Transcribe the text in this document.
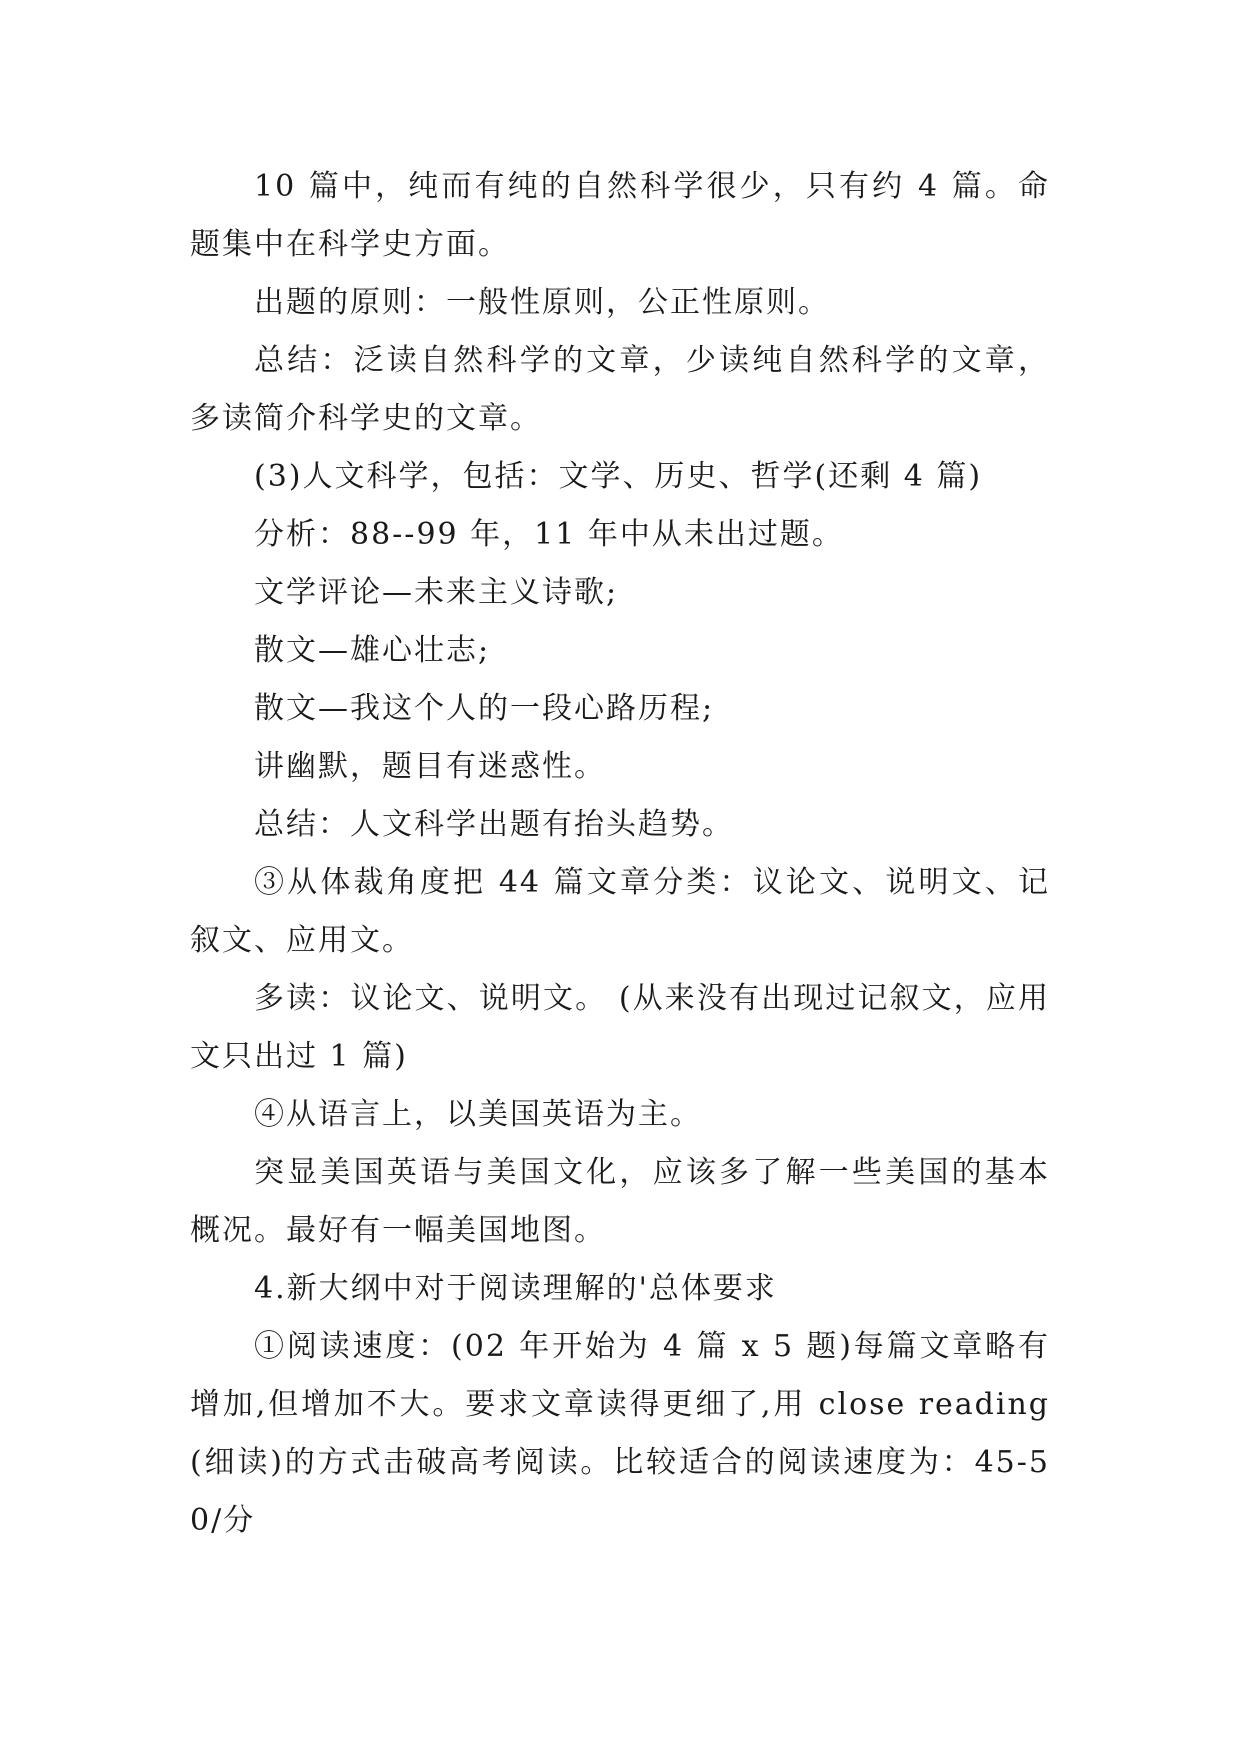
10 篇中，纯而有纯的自然科学很少，只有约 4 篇。命题集中在科学史方面。

出题的原则：一般性原则，公正性原则。

总结：泛读自然科学的文章，少读纯自然科学的文章，多读简介科学史的文章。

(3)人文科学，包括：文学、历史、哲学(还剩 4 篇)

分析：88--99 年，11 年中从未出过题。

文学评论—未来主义诗歌;

散文—雄心壮志;

散文—我这个人的一段心路历程;

讲幽默，题目有迷惑性。

总结：人文科学出题有抬头趋势。

③从体裁角度把 44 篇文章分类：议论文、说明文、记叙文、应用文。

多读：议论文、说明文。 (从来没有出现过记叙文，应用文只出过 1 篇)

④从语言上，以美国英语为主。

突显美国英语与美国文化，应该多了解一些美国的基本概况。最好有一幅美国地图。

4.新大纲中对于阅读理解的'总体要求

①阅读速度：(02 年开始为 4 篇 x 5 题)每篇文章略有增加,但增加不大。要求文章读得更细了,用 close reading(细读)的方式击破高考阅读。比较适合的阅读速度为：45-50/分
